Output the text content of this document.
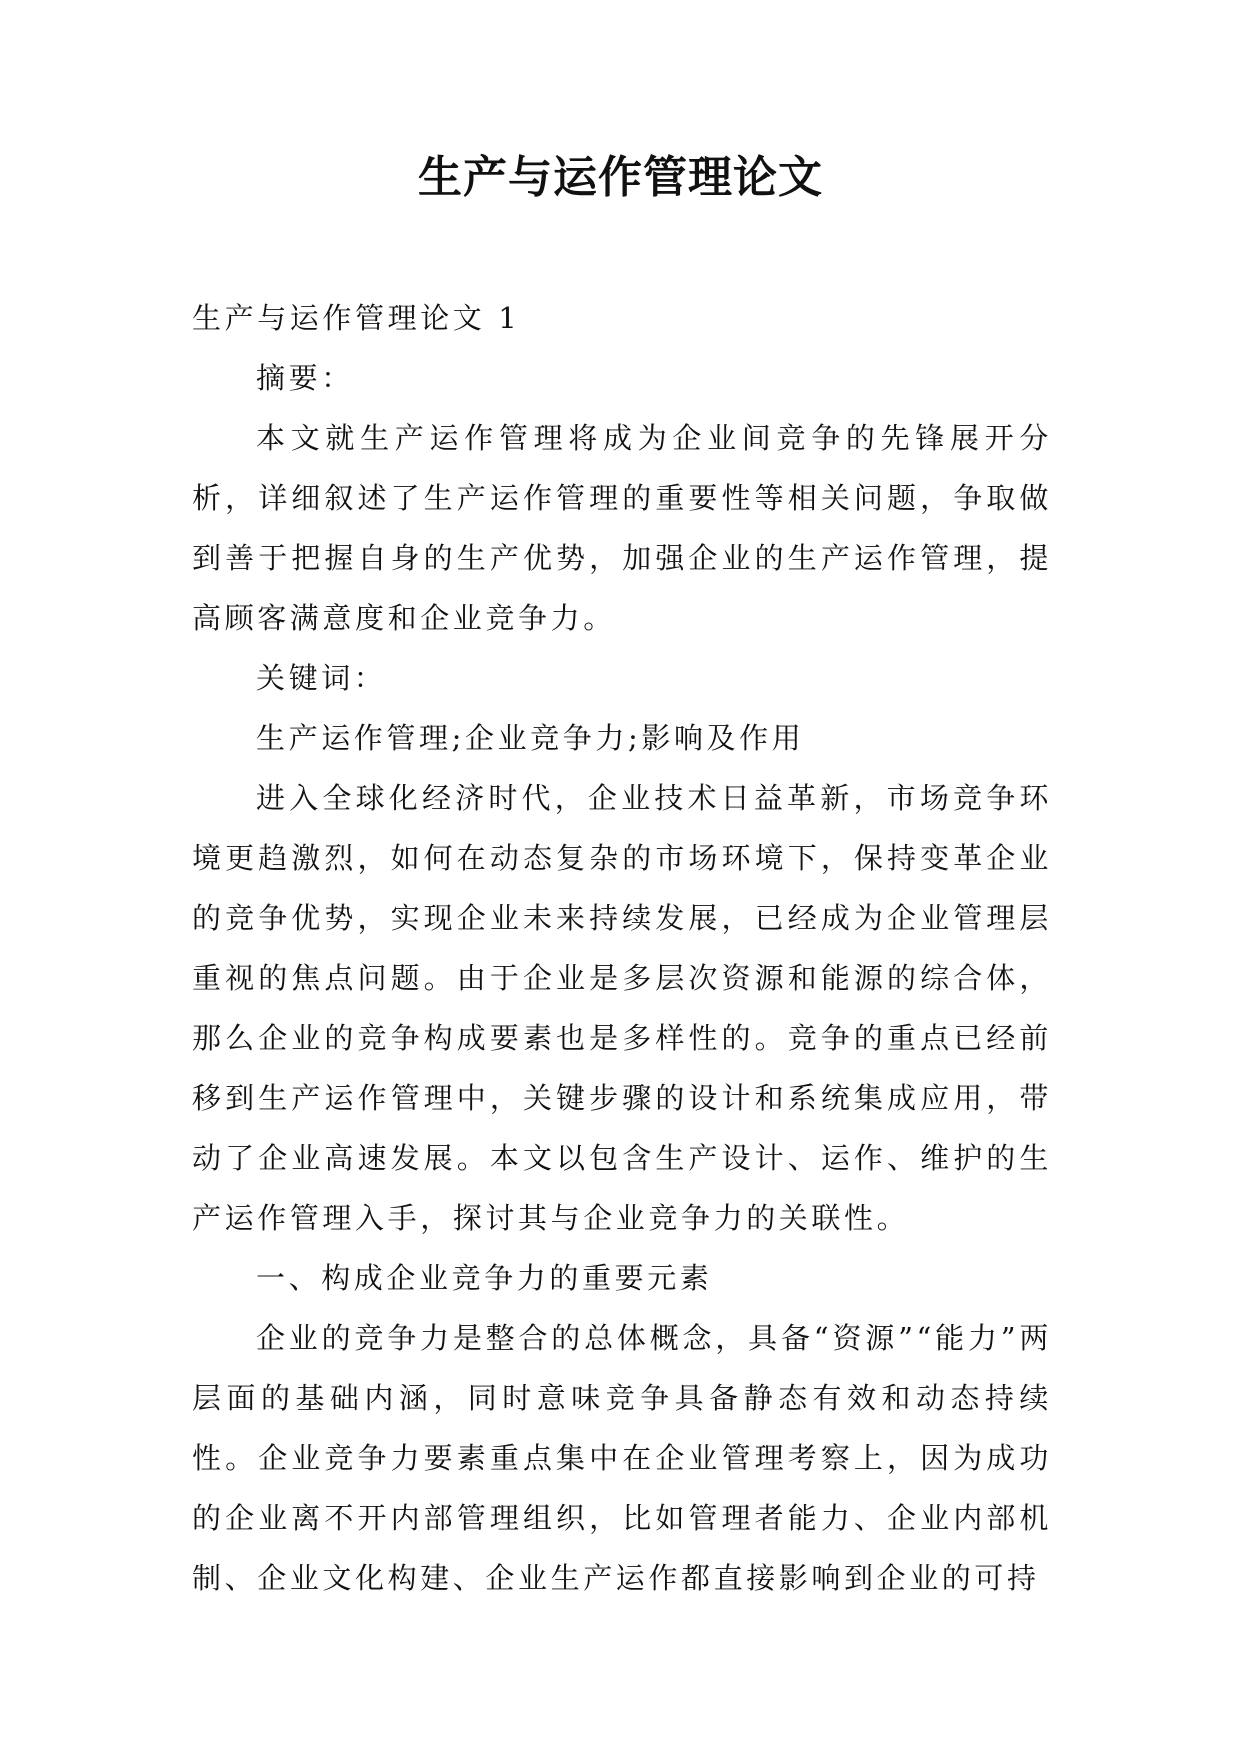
生产与运作管理论文

生产与运作管理论文 1

摘要：

本文就生产运作管理将成为企业间竞争的先锋展开分析，详细叙述了生产运作管理的重要性等相关问题，争取做到善于把握自身的生产优势，加强企业的生产运作管理，提高顾客满意度和企业竞争力。

关键词：

生产运作管理;企业竞争力;影响及作用

进入全球化经济时代，企业技术日益革新，市场竞争环境更趋激烈，如何在动态复杂的市场环境下，保持变革企业的竞争优势，实现企业未来持续发展，已经成为企业管理层重视的焦点问题。由于企业是多层次资源和能源的综合体，那么企业的竞争构成要素也是多样性的。竞争的重点已经前移到生产运作管理中，关键步骤的设计和系统集成应用，带动了企业高速发展。本文以包含生产设计、运作、维护的生产运作管理入手，探讨其与企业竞争力的关联性。

一、构成企业竞争力的重要元素

企业的竞争力是整合的总体概念，具备“资源”“能力”两层面的基础内涵，同时意味竞争具备静态有效和动态持续性。企业竞争力要素重点集中在企业管理考察上，因为成功的企业离不开内部管理组织，比如管理者能力、企业内部机制、企业文化构建、企业生产运作都直接影响到企业的可持
